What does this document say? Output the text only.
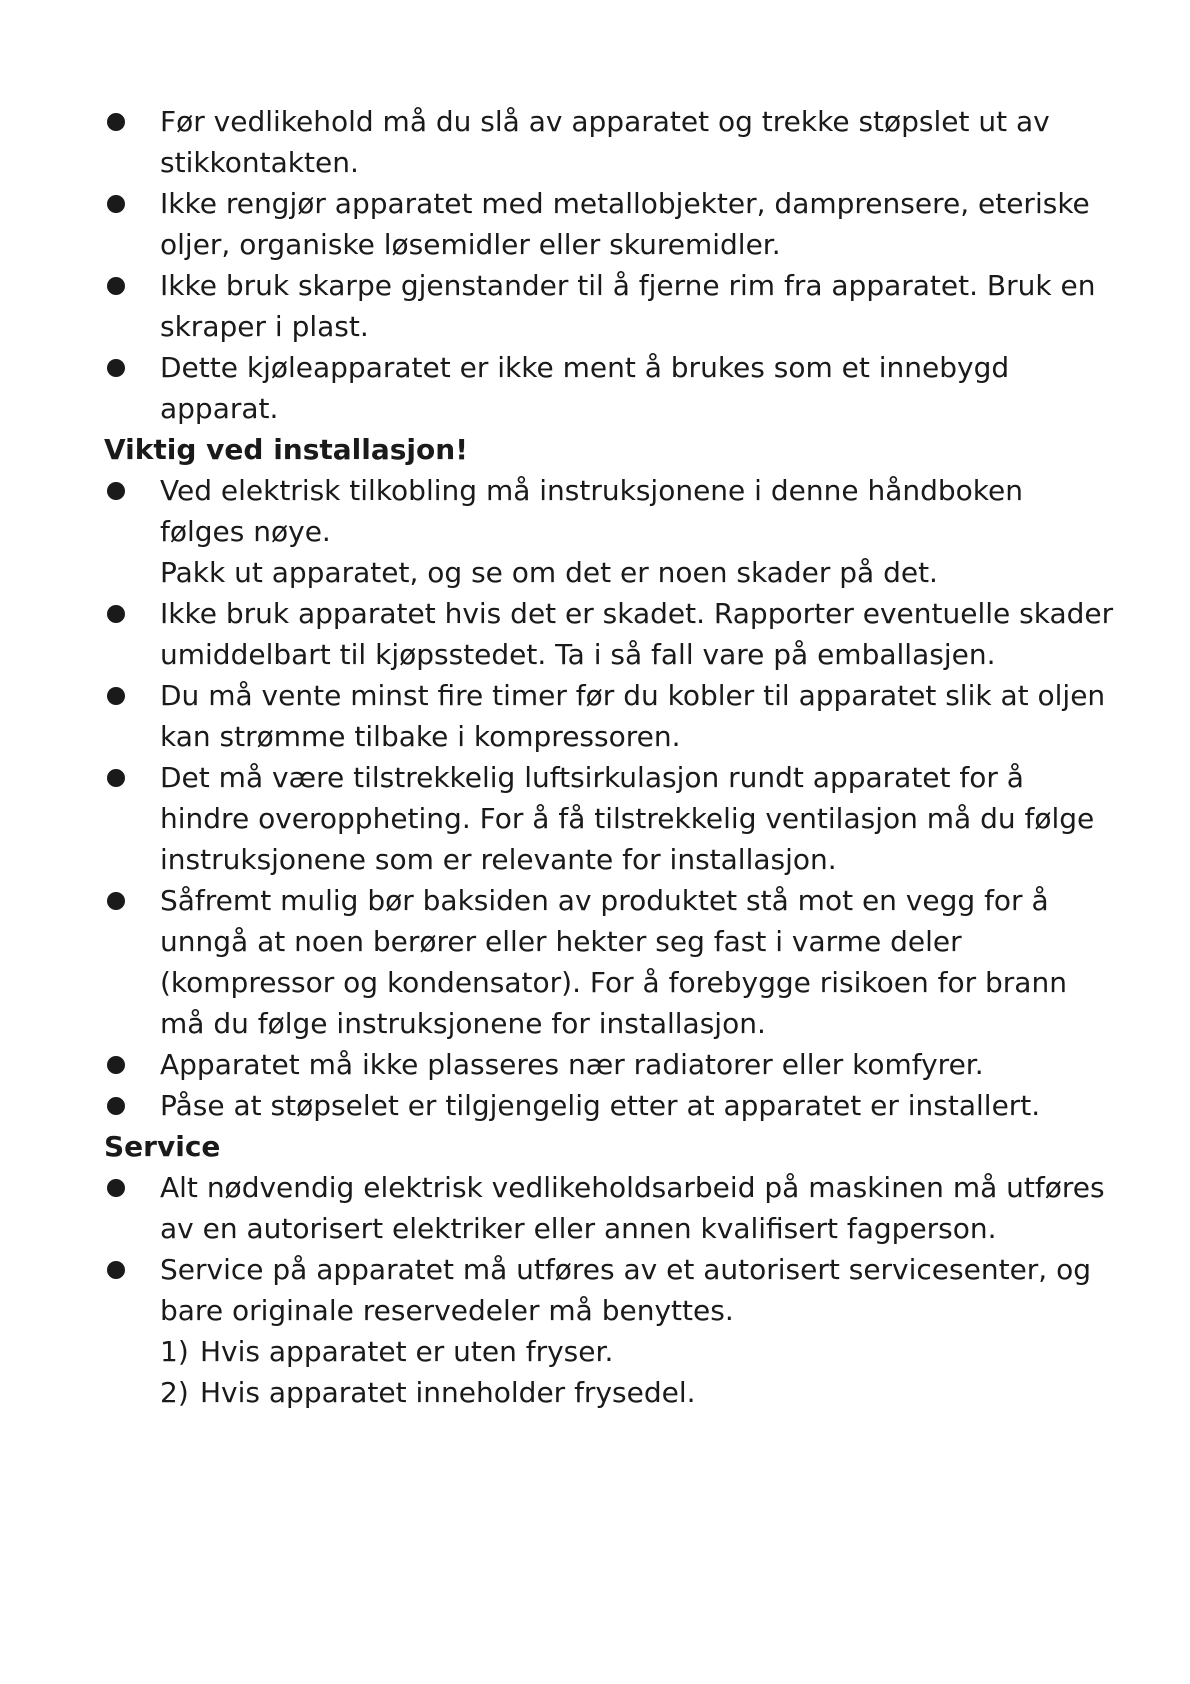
Før vedlikehold må du slå av apparatet og trekke støpslet ut av
stikkontakten.
Ikke rengjør apparatet med metallobjekter, damprensere, eteriske
oljer, organiske løsemidler eller skuremidler.
Ikke bruk skarpe gjenstander til å fjerne rim fra apparatet. Bruk en
skraper i plast.
Dette kjøleapparatet er ikke ment å brukes som et innebygd
apparat.
Viktig ved installasjon!
Ved elektrisk tilkobling må instruksjonene i denne håndboken
følges nøye.
Pakk ut apparatet, og se om det er noen skader på det.
Ikke bruk apparatet hvis det er skadet. Rapporter eventuelle skader
umiddelbart til kjøpsstedet. Ta i så fall vare på emballasjen.
Du må vente minst fire timer før du kobler til apparatet slik at oljen
kan strømme tilbake i kompressoren.
Det må være tilstrekkelig luftsirkulasjon rundt apparatet for å
hindre overoppheting. For å få tilstrekkelig ventilasjon må du følge
instruksjonene som er relevante for installasjon.
Såfremt mulig bør baksiden av produktet stå mot en vegg for å
unngå at noen berører eller hekter seg fast i varme deler
(kompressor og kondensator). For å forebygge risikoen for brann
må du følge instruksjonene for installasjon.
Apparatet må ikke plasseres nær radiatorer eller komfyrer.
Påse at støpselet er tilgjengelig etter at apparatet er installert.
Service
Alt nødvendig elektrisk vedlikeholdsarbeid på maskinen må utføres
av en autorisert elektriker eller annen kvalifisert fagperson.
Service på apparatet må utføres av et autorisert servicesenter, og
bare originale reservedeler må benyttes.
1) Hvis apparatet er uten fryser.
2) Hvis apparatet inneholder frysedel.
